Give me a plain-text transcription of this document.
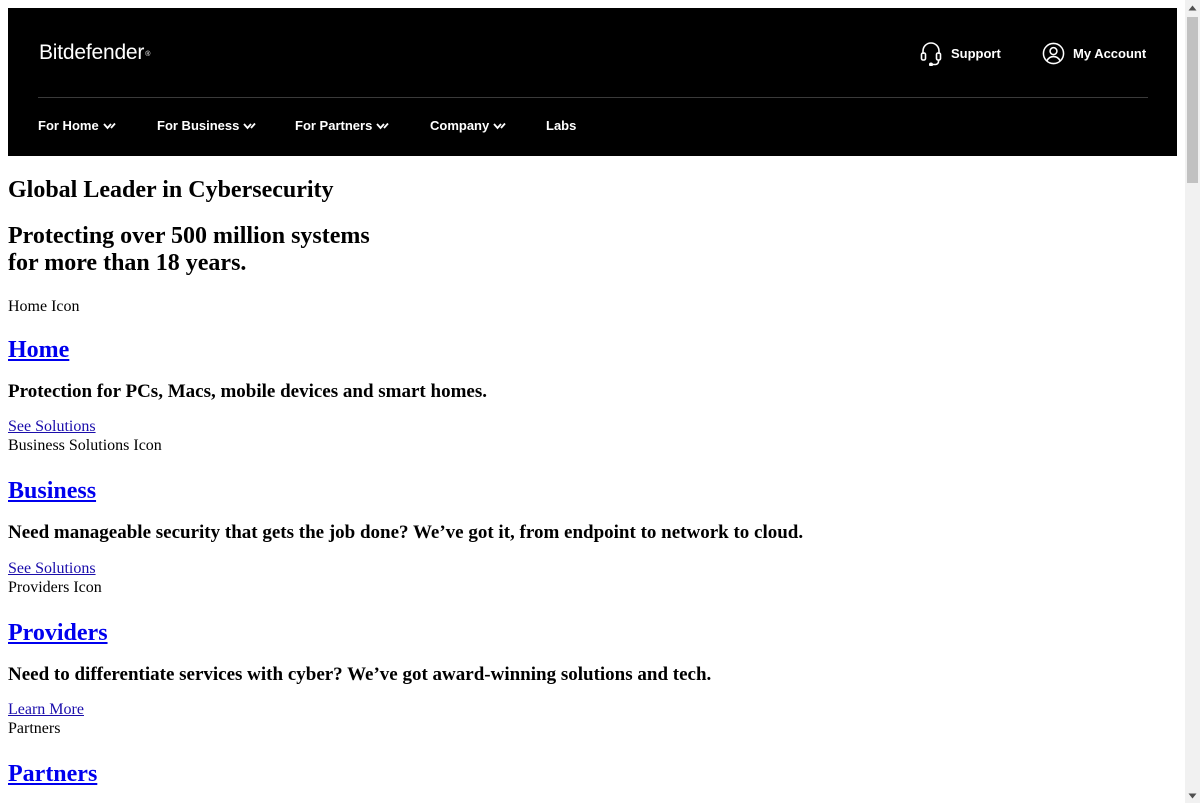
Bitdefender®	Support	My Account
For Home	For Business	For Partners	Company	Labs
Global Leader in Cybersecurity
Protecting over 500 million systems
for more than 18 years.
Home Icon
Home

Protection for PCs, Macs, mobile devices and smart homes.

See Solutions
Business Solutions Icon
Business

Need manageable security that gets the job done? We’ve got it, from endpoint to network to cloud.

See Solutions
Providers Icon
Providers

Need to differentiate services with cyber? We’ve got award-winning solutions and tech.

Learn More
Partners
Partners
